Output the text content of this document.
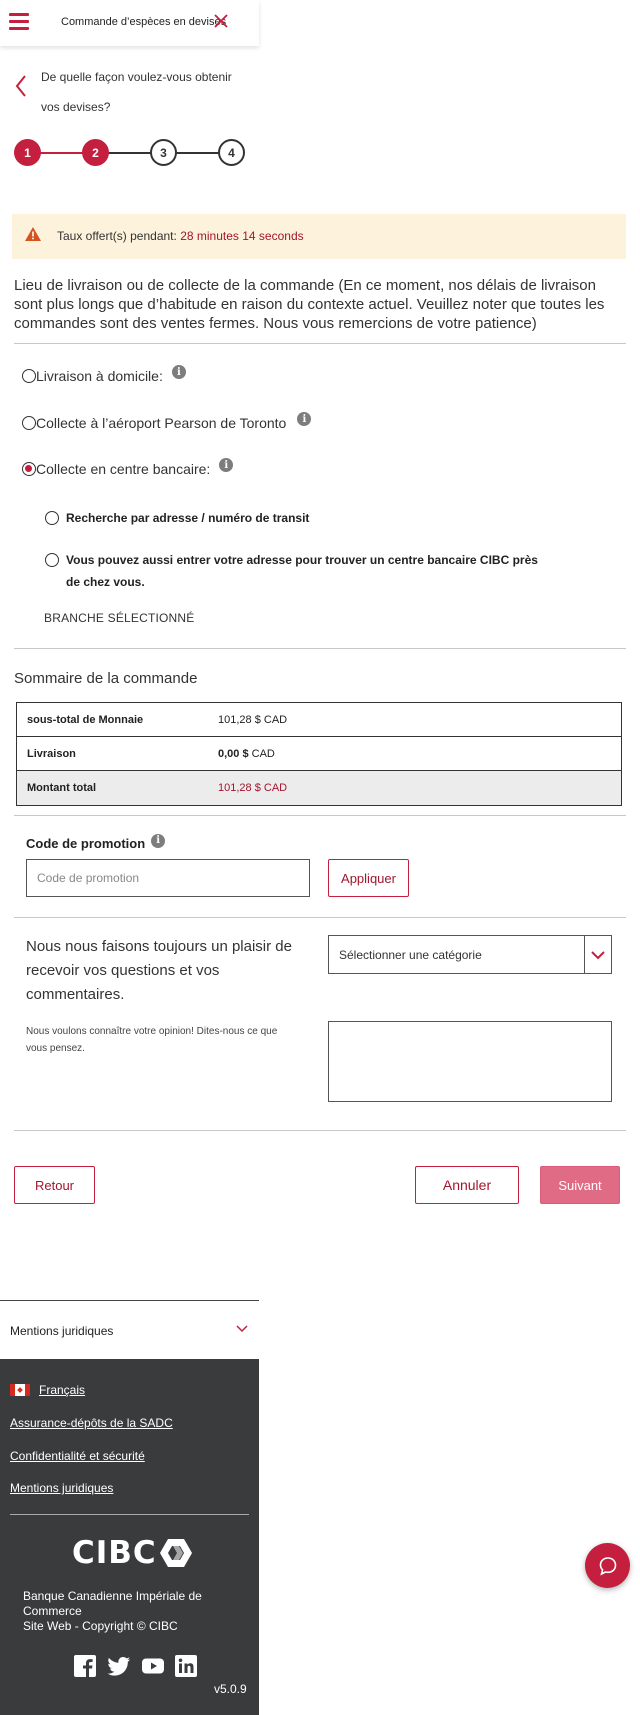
Commande d’espèces en devises
De quelle façon voulez-vous obtenir vos devises?
1	2	3	4
Taux offert(s) pendant: 28 minutes 14 seconds
Lieu de livraison ou de collecte de la commande (En ce moment, nos délais de livraison sont plus longs que d’habitude en raison du contexte actuel. Veuillez noter que toutes les commandes sont des ventes fermes. Nous vous remercions de votre patience)
Livraison à domicile:	i
Collecte à l’aéroport Pearson de Toronto	i
Collecte en centre bancaire:	i
Recherche par adresse / numéro de transit
Vous pouvez aussi entrer votre adresse pour trouver un centre bancaire CIBC près de chez vous.
BRANCHE SÉLECTIONNÉ
Sommaire de la commande
sous-total de Monnaie	101,28 $ CAD
Livraison	0,00 $ CAD
Montant total	101,28 $ CAD
Code de promotion	i
Code de promotion	Appliquer
Nous nous faisons toujours un plaisir de recevoir vos questions et vos commentaires.
Nous voulons connaître votre opinion! Dites-nous ce que vous pensez.
Sélectionner une catégorie
Retour	Annuler	Suivant
Mentions juridiques
Français
Assurance-dépôts de la SADC
Confidentialité et sécurité
Mentions juridiques
CIBC
Banque Canadienne Impériale de Commerce
Site Web - Copyright © CIBC
v5.0.9
